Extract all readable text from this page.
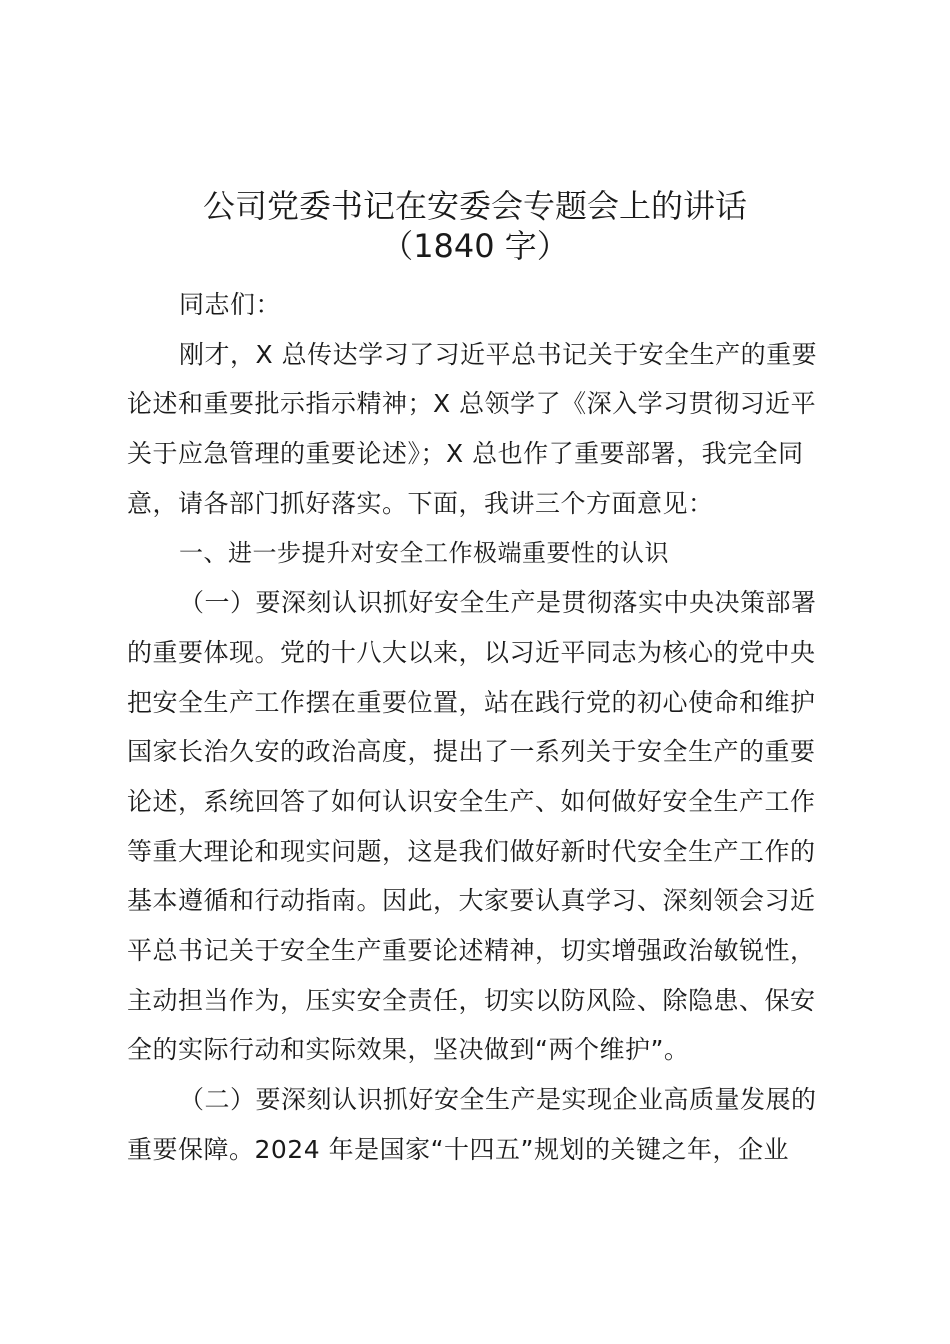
公司党委书记在安委会专题会上的讲话
（1840 字）
同志们：
刚才，X 总传达学习了习近平总书记关于安全生产的重要
论述和重要批示指示精神；X 总领学了《深入学习贯彻习近平
关于应急管理的重要论述》；X 总也作了重要部署，我完全同
意，请各部门抓好落实。下面，我讲三个方面意见：
一、进一步提升对安全工作极端重要性的认识
（一）要深刻认识抓好安全生产是贯彻落实中央决策部署
的重要体现。党的十八大以来，以习近平同志为核心的党中央
把安全生产工作摆在重要位置，站在践行党的初心使命和维护
国家长治久安的政治高度，提出了一系列关于安全生产的重要
论述，系统回答了如何认识安全生产、如何做好安全生产工作
等重大理论和现实问题，这是我们做好新时代安全生产工作的
基本遵循和行动指南。因此，大家要认真学习、深刻领会习近
平总书记关于安全生产重要论述精神，切实增强政治敏锐性，
主动担当作为，压实安全责任，切实以防风险、除隐患、保安
全的实际行动和实际效果，坚决做到“两个维护”。
（二）要深刻认识抓好安全生产是实现企业高质量发展的
重要保障。2024 年是国家“十四五”规划的关键之年，企业
